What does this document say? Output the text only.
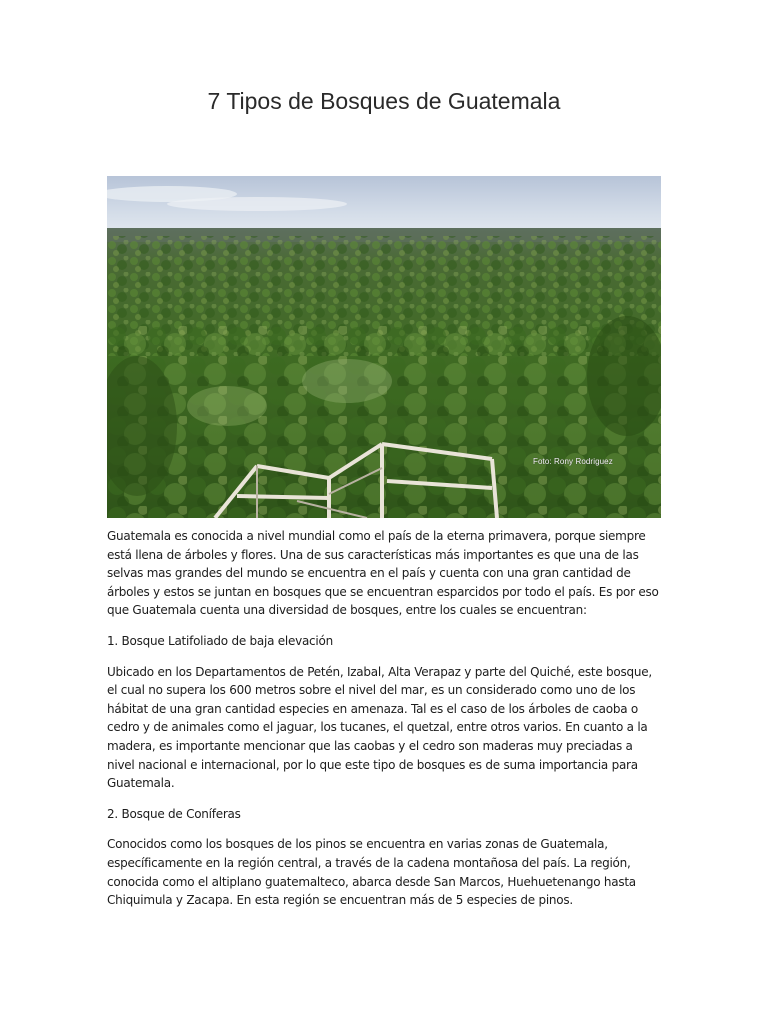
7 Tipos de Bosques de Guatemala
Foto: Rony Rodriguez

Guatemala es conocida a nivel mundial como el país de la eterna primavera, porque siempre está llena de árboles y flores. Una de sus características más importantes es que una de las selvas mas grandes del mundo se encuentra en el país y cuenta con una gran cantidad de árboles y estos se juntan en bosques que se encuentran esparcidos por todo el país. Es por eso que Guatemala cuenta una diversidad de bosques, entre los cuales se encuentran:

1. Bosque Latifoliado de baja elevación

Ubicado en los Departamentos de Petén, Izabal, Alta Verapaz y parte del Quiché, este bosque, el cual no supera los 600 metros sobre el nivel del mar, es un considerado como uno de los hábitat de una gran cantidad especies en amenaza. Tal es el caso de los árboles de caoba o cedro y de animales como el jaguar, los tucanes, el quetzal, entre otros varios. En cuanto a la madera, es importante mencionar que las caobas y el cedro son maderas muy preciadas a nivel nacional e internacional, por lo que este tipo de bosques es de suma importancia para Guatemala.

2. Bosque de Coníferas

Conocidos como los bosques de los pinos se encuentra en varias zonas de Guatemala, específicamente en la región central, a través de la cadena montañosa del país. La región, conocida como el altiplano guatemalteco, abarca desde San Marcos, Huehuetenango hasta Chiquimula y Zacapa. En esta región se encuentran más de 5 especies de pinos.
